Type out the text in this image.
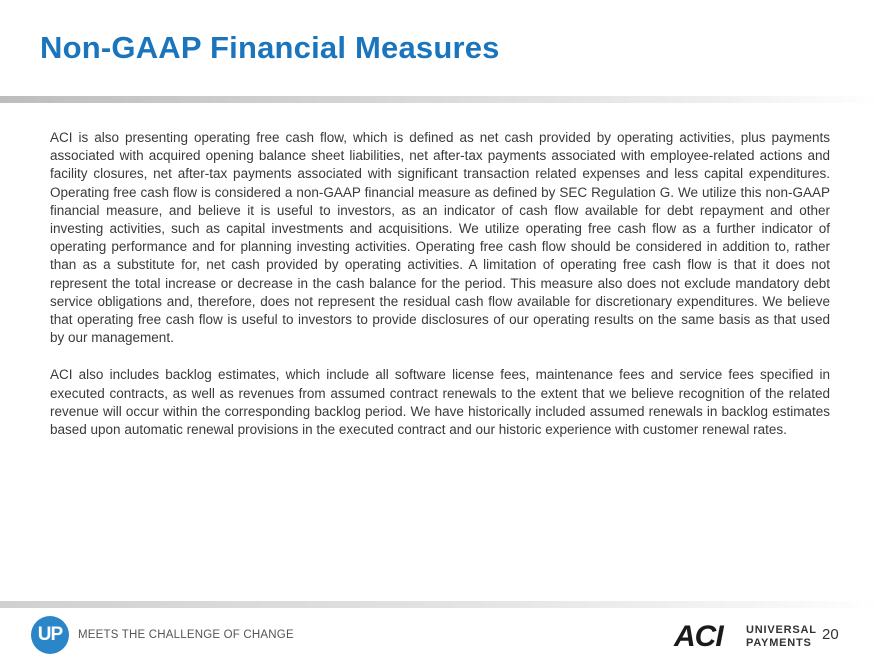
Non-GAAP Financial Measures

ACI is also presenting operating free cash flow, which is defined as net cash provided by operating activities, plus payments associated with acquired opening balance sheet liabilities, net after-tax payments associated with employee-related actions and facility closures, net after-tax payments associated with significant transaction related expenses and less capital expenditures. Operating free cash flow is considered a non-GAAP financial measure as defined by SEC Regulation G. We utilize this non-GAAP financial measure, and believe it is useful to investors, as an indicator of cash flow available for debt repayment and other investing activities, such as capital investments and acquisitions. We utilize operating free cash flow as a further indicator of operating performance and for planning investing activities. Operating free cash flow should be considered in addition to, rather than as a substitute for, net cash provided by operating activities. A limitation of operating free cash flow is that it does not represent the total increase or decrease in the cash balance for the period. This measure also does not exclude mandatory debt service obligations and, therefore, does not represent the residual cash flow available for discretionary expenditures. We believe that operating free cash flow is useful to investors to provide disclosures of our operating results on the same basis as that used by our management.

ACI also includes backlog estimates, which include all software license fees, maintenance fees and service fees specified in executed contracts, as well as revenues from assumed contract renewals to the extent that we believe recognition of the related revenue will occur within the corresponding backlog period. We have historically included assumed renewals in backlog estimates based upon automatic renewal provisions in the executed contract and our historic experience with customer renewal rates.

UP MEETS THE CHALLENGE OF CHANGE	ACI UNIVERSAL
PAYMENTS 20
